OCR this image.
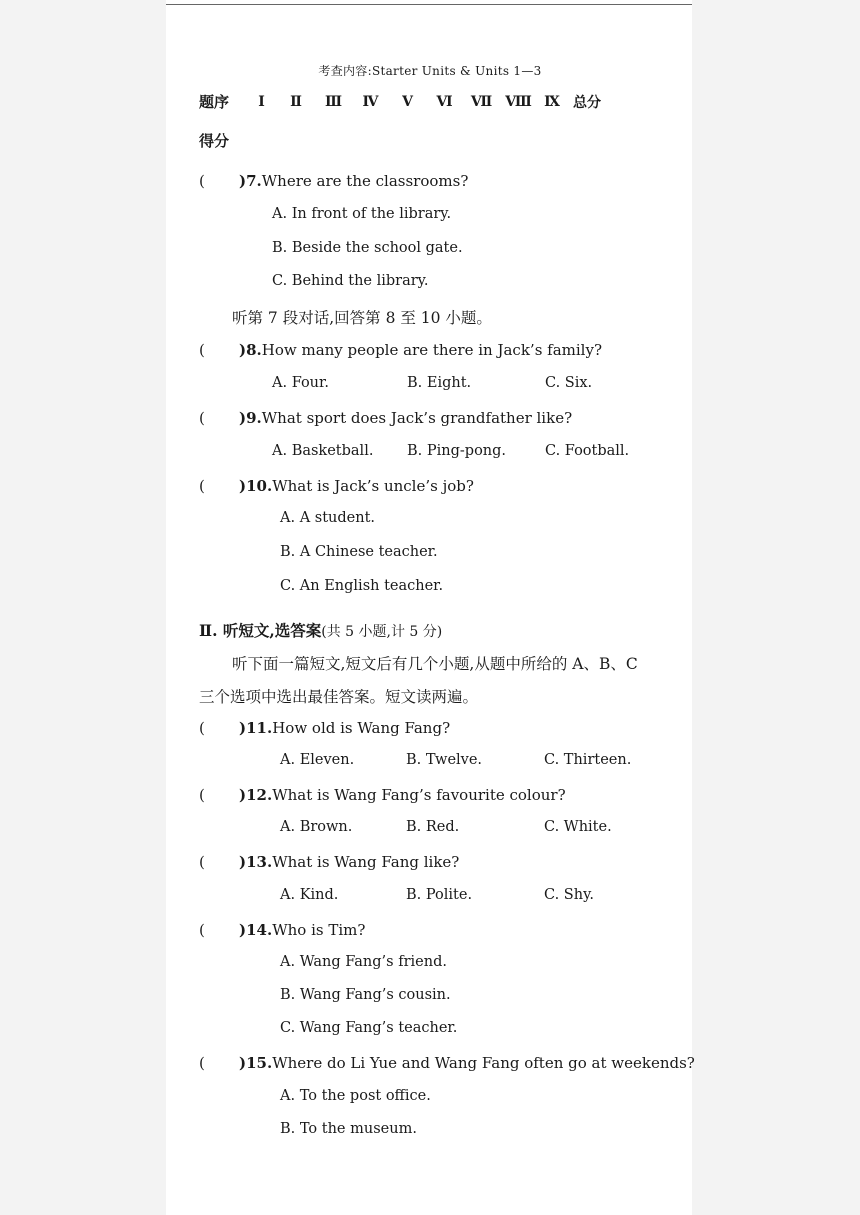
考查内容:Starter Units & Units 1—3
题序	Ⅰ	Ⅱ	Ⅲ	Ⅳ	Ⅴ	Ⅵ	Ⅶ Ⅷ Ⅸ 总分
得分
(	)7. Where are the classrooms?
A. In front of the library.
B. Beside the school gate.
C. Behind the library.
听第 7 段对话,回答第 8 至 10 小题。
(	)8. How many people are there in Jack’s family?
A. Four.	B. Eight.	C. Six.
(	)9. What sport does Jack’s grandfather like?
A. Basketball. B. Ping-pong.	C. Football.
(	)10. What is Jack’s uncle’s job?
A. A student.
B. A Chinese teacher.
C. An English teacher.
Ⅱ. 听短文,选答案(共 5 小题,计 5 分)
听下面一篇短文,短文后有几个小题,从题中所给的 A、B、C
三个选项中选出最佳答案。短文读两遍。
(	)11. How old is Wang Fang?
A. Eleven.	B. Twelve.	C. Thirteen.
(	)12. What is Wang Fang’s favourite colour?
A. Brown.	B. Red.	C. White.
(	)13. What is Wang Fang like?
A. Kind.	B. Polite.	C. Shy.
(	)14. Who is Tim?
A. Wang Fang’s friend.
B. Wang Fang’s cousin.
C. Wang Fang’s teacher.
(	)15. Where do Li Yue and Wang Fang often go at weekends?
A. To the post office.
B. To the museum.
